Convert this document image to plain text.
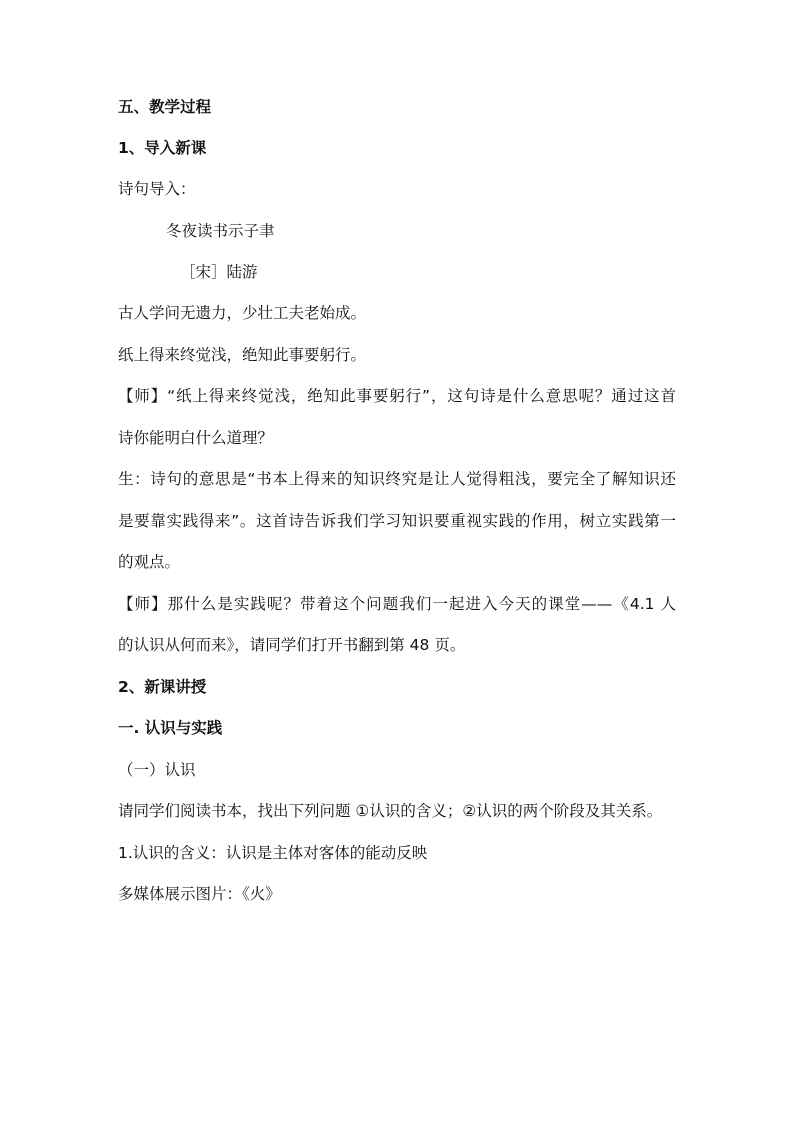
五、教学过程
1、导入新课
诗句导入：
冬夜读书示子聿
［宋］陆游
古人学问无遗力，少壮工夫老始成。
纸上得来终觉浅，绝知此事要躬行。
【师】“纸上得来终觉浅，绝知此事要躬行”，这句诗是什么意思呢？通过这首
诗你能明白什么道理？
生：诗句的意思是“书本上得来的知识终究是让人觉得粗浅，要完全了解知识还
是要靠实践得来”。这首诗告诉我们学习知识要重视实践的作用，树立实践第一
的观点。
【师】那什么是实践呢？带着这个问题我们一起进入今天的课堂——《4.1 人
的认识从何而来》，请同学们打开书翻到第 48 页。
2、新课讲授
一. 认识与实践
（一）认识
请同学们阅读书本，找出下列问题 ①认识的含义；②认识的两个阶段及其关系。
1.认识的含义：认识是主体对客体的能动反映
多媒体展示图片：《火》
